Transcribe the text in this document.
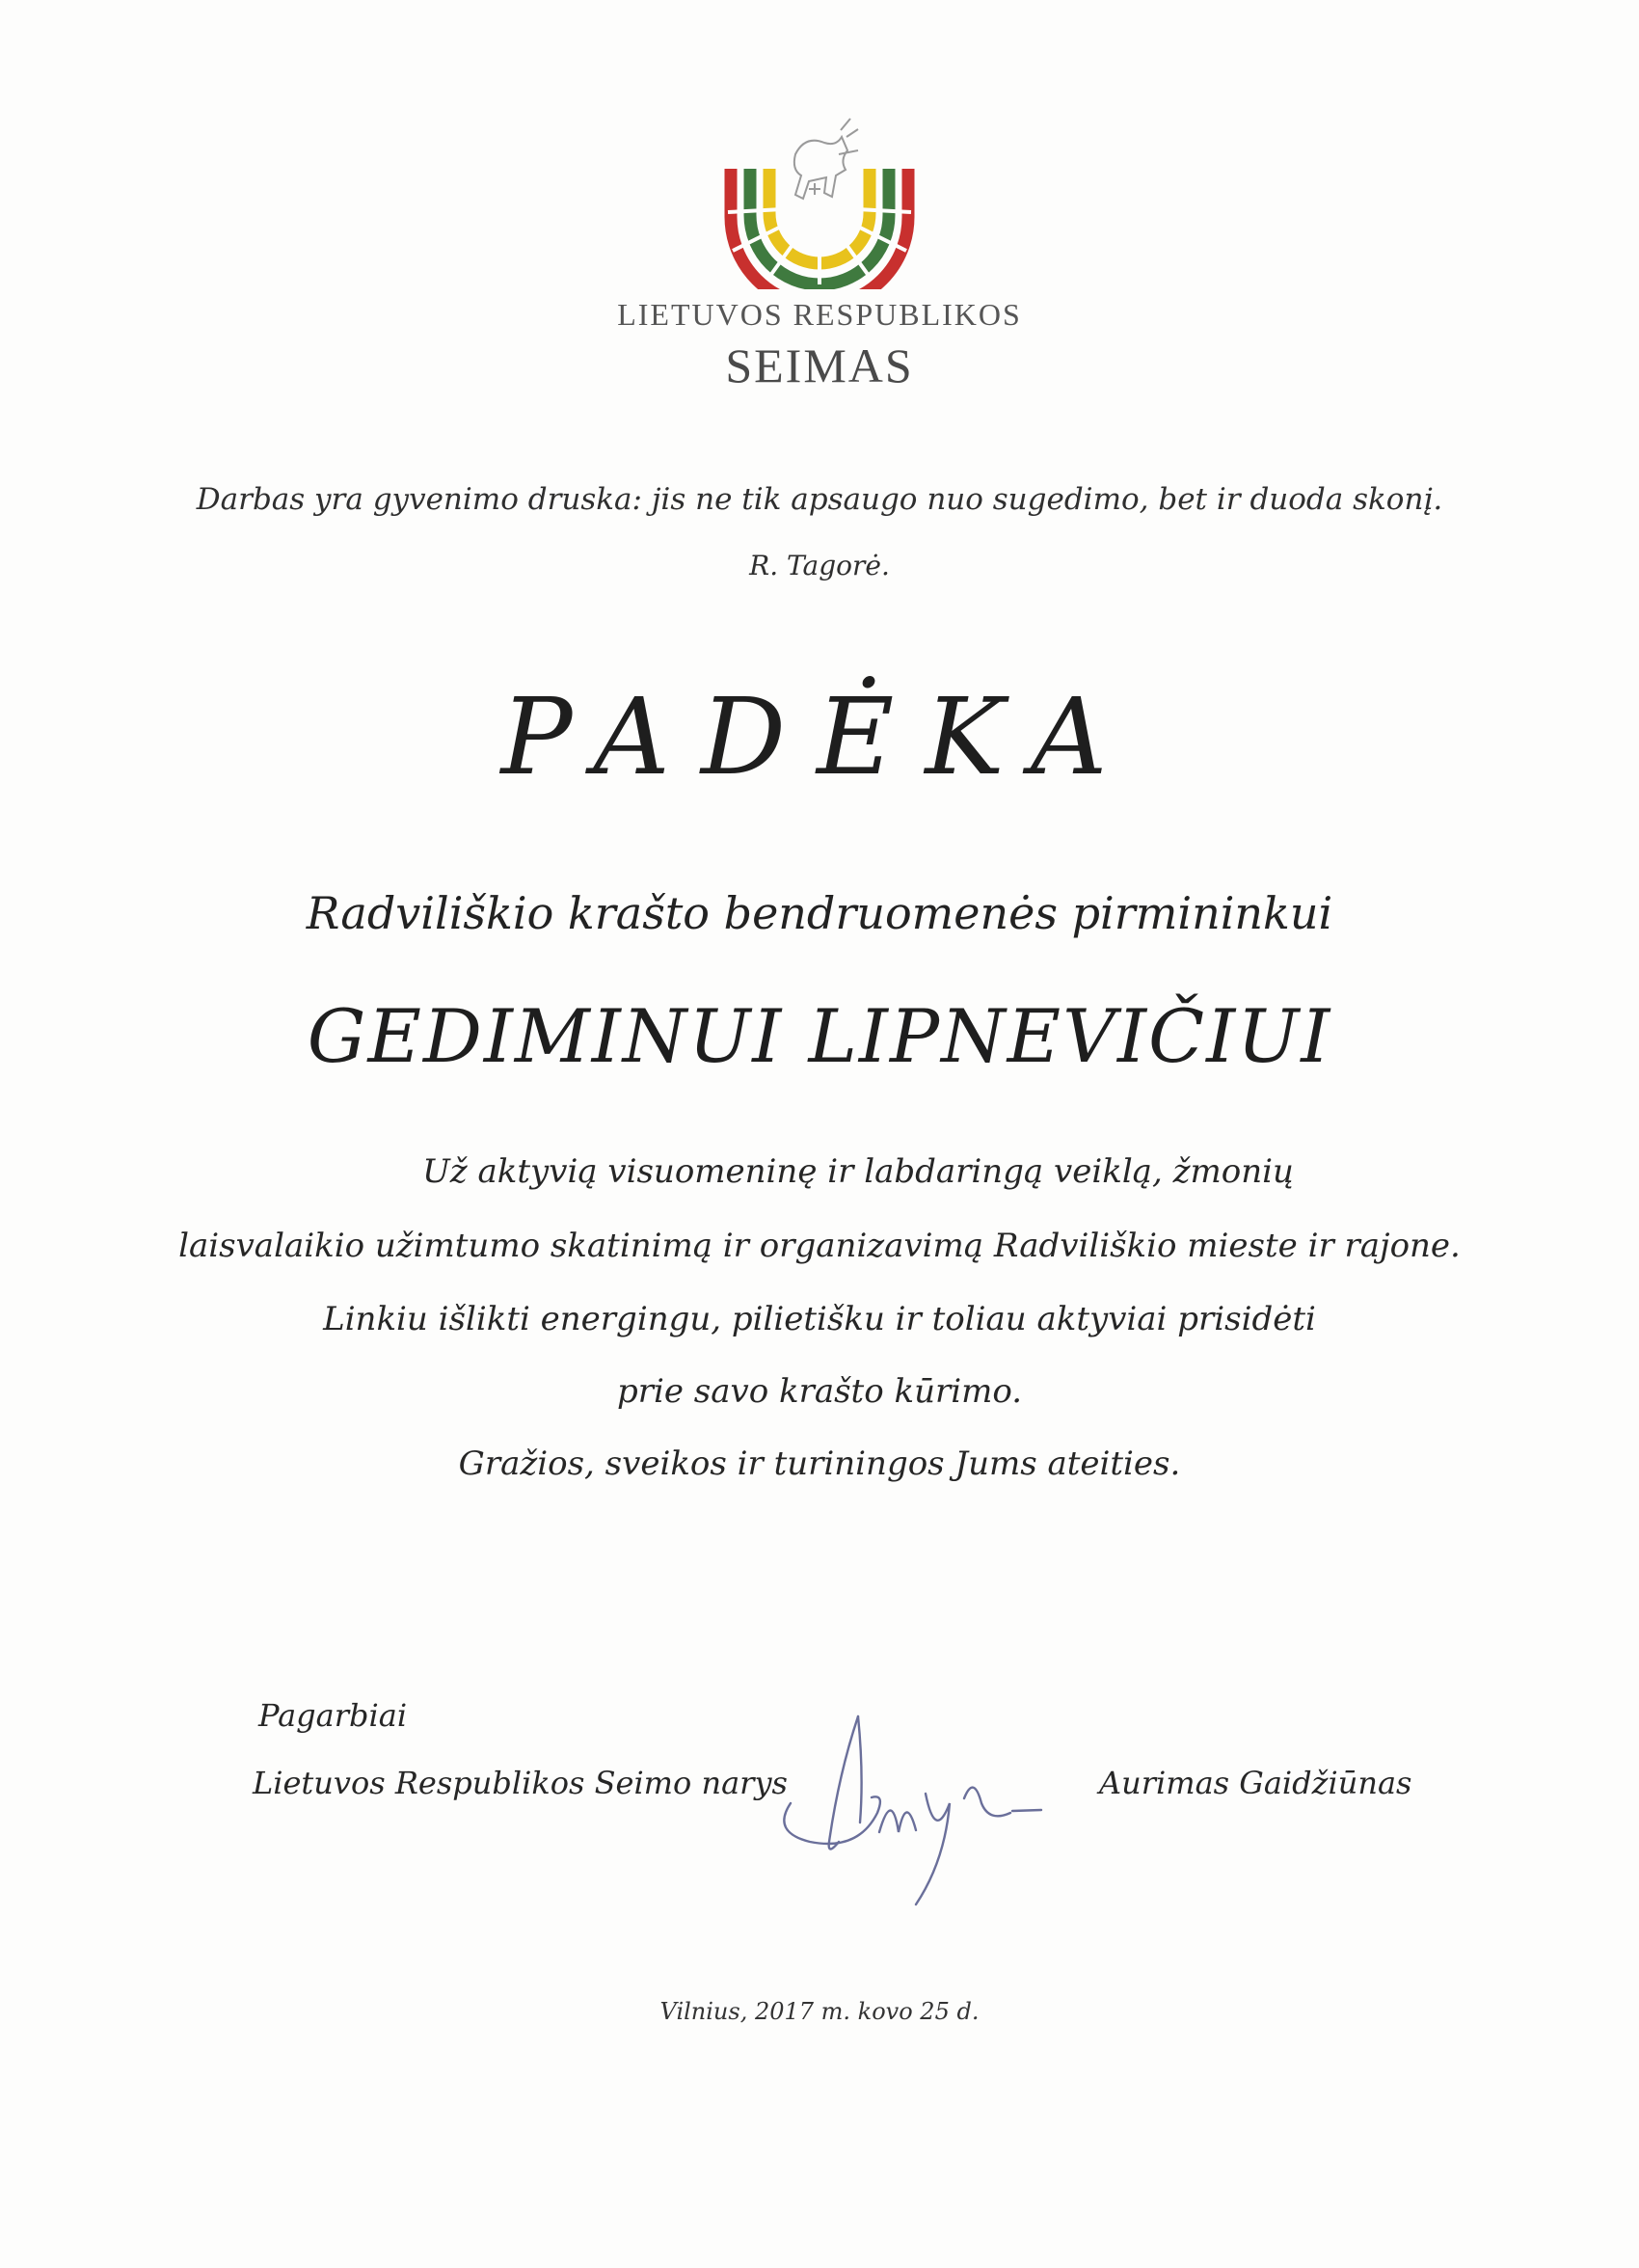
LIETUVOS RESPUBLIKOS
SEIMAS
Darbas yra gyvenimo druska: jis ne tik apsaugo nuo sugedimo, bet ir duoda skonį.
R. Tagorė.
PADĖKA
Radviliškio krašto bendruomenės pirmininkui
GEDIMINUI LIPNEVIČIUI
Už aktyvią visuomeninę ir labdaringą veiklą, žmonių
laisvalaikio užimtumo skatinimą ir organizavimą Radviliškio mieste ir rajone.
Linkiu išlikti energingu, pilietišku ir toliau aktyviai prisidėti
prie savo krašto kūrimo.
Gražios, sveikos ir turiningos Jums ateities.
Pagarbiai
Lietuvos Respublikos Seimo narys	Aurimas Gaidžiūnas
Vilnius, 2017 m. kovo 25 d.
